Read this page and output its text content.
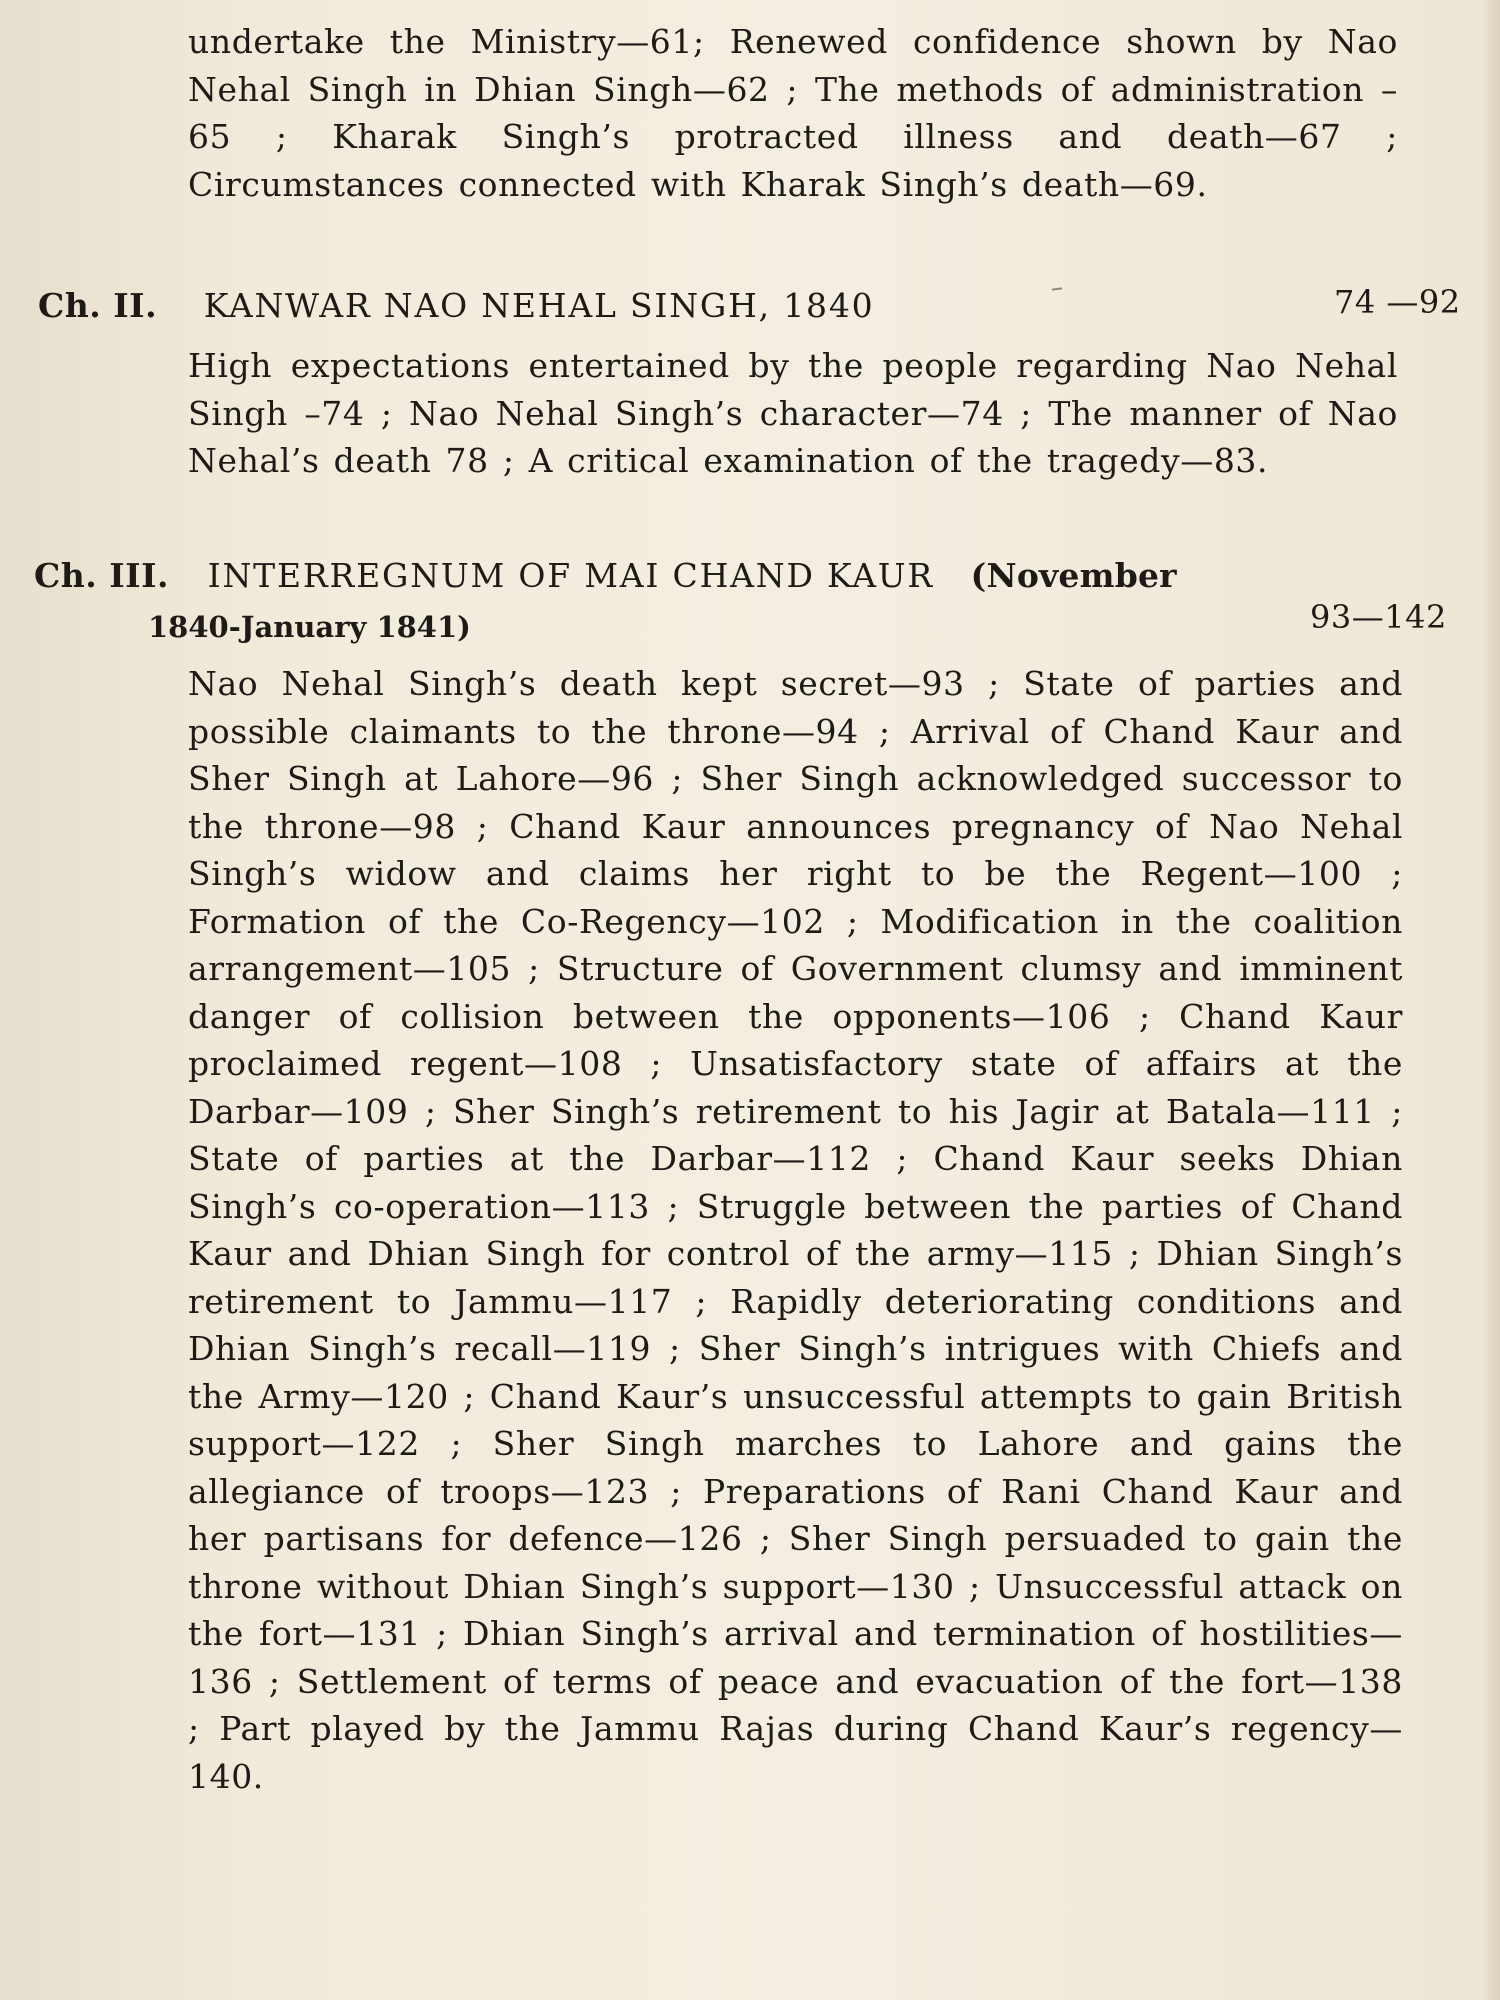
undertake the Ministry—61; Renewed confidence shown by Nao Nehal Singh in Dhian Singh—62 ; The methods of administration – 65 ; Kharak Singh’s protracted illness and death—67 ; Circumstances connected with Kharak Singh’s death—69.

Ch. II. KANWAR NAO NEHAL SINGH, 1840	74 —92

High expectations entertained by the people regarding Nao Nehal Singh –74 ; Nao Nehal Singh’s character—74 ; The manner of Nao Nehal’s death 78 ; A critical examination of the tragedy—83.

Ch. III. INTERREGNUM OF MAI CHAND KAUR (November
1840-January 1841)	93—142

Nao Nehal Singh’s death kept secret—93 ; State of parties and possible claimants to the throne—94 ; Arrival of Chand Kaur and Sher Singh at Lahore—96 ; Sher Singh acknowledged successor to the throne—98 ; Chand Kaur announces pregnancy of Nao Nehal Singh’s widow and claims her right to be the Regent—100 ; Formation of the Co-Regency—102 ; Modification in the coalition arrangement—105 ; Structure of Government clumsy and imminent danger of collision between the opponents—106 ; Chand Kaur proclaimed regent—108 ; Unsatisfactory state of affairs at the Darbar—109 ; Sher Singh’s retirement to his Jagir at Batala—111 ; State of parties at the Darbar—112 ; Chand Kaur seeks Dhian Singh’s co-operation—113 ; Struggle between the parties of Chand Kaur and Dhian Singh for control of the army—115 ; Dhian Singh’s retirement to Jammu—117 ; Rapidly deteriorating conditions and Dhian Singh’s recall—119 ; Sher Singh’s intrigues with Chiefs and the Army—120 ; Chand Kaur’s unsuccessful attempts to gain British support—122 ; Sher Singh marches to Lahore and gains the allegiance of troops—123 ; Preparations of Rani Chand Kaur and her partisans for defence—126 ; Sher Singh persuaded to gain the throne without Dhian Singh’s support—130 ; Unsuccessful attack on the fort—131 ; Dhian Singh’s arrival and termination of hostilities—136 ; Settlement of terms of peace and evacuation of the fort—138 ; Part played by the Jammu Rajas during Chand Kaur’s regency—140.
